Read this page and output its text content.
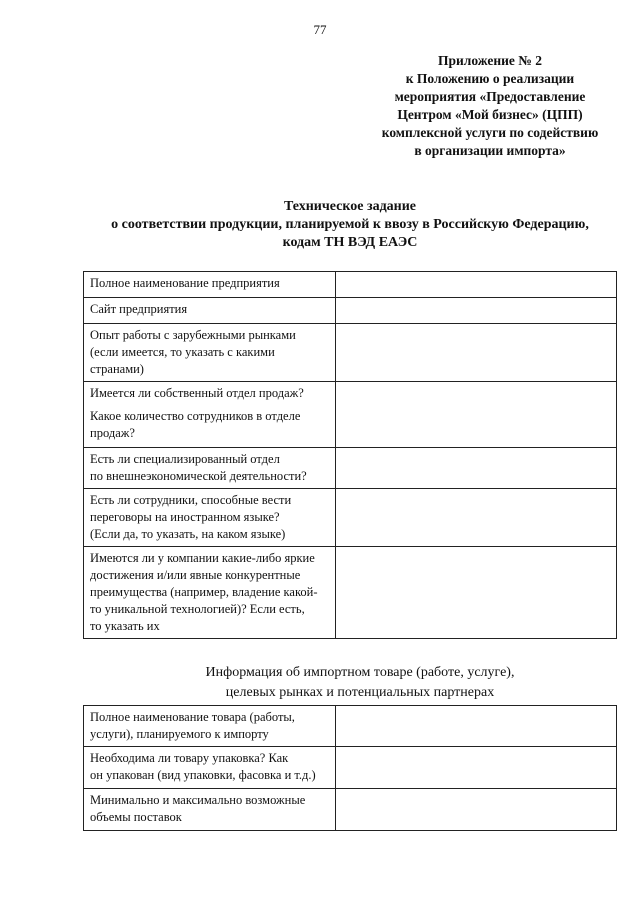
77
Приложение № 2
к Положению о реализации
мероприятия «Предоставление
Центром «Мой бизнес» (ЦПП)
комплексной услуги по содействию
в организации импорта»
Техническое задание
о соответствии продукции, планируемой к ввозу в Российскую Федерацию,
кодам ТН ВЭД ЕАЭС
Полное наименование предприятия	

Сайт предприятия	

Опыт работы с зарубежными рынками
(если имеется, то указать с какими
странами)	

Имеется ли собственный отдел продаж?
Какое количество сотрудников в отделе
продаж?	

Есть ли специализированный отдел
по внешнеэкономической деятельности?	

Есть ли сотрудники, способные вести
переговоры на иностранном языке?
(Если да, то указать, на каком языке)	

Имеются ли у компании какие-либо яркие
достижения и/или явные конкурентные
преимущества (например, владение какой-
то уникальной технологией)? Если есть,
то указать их	

Информация об импортном товаре (работе, услуге),
целевых рынках и потенциальных партнерах
Полное наименование товара (работы,
услуги), планируемого к импорту	

Необходима ли товару упаковка? Как
он упакован (вид упаковки, фасовка и т.д.)	

Минимально и максимально возможные
объемы поставок	
